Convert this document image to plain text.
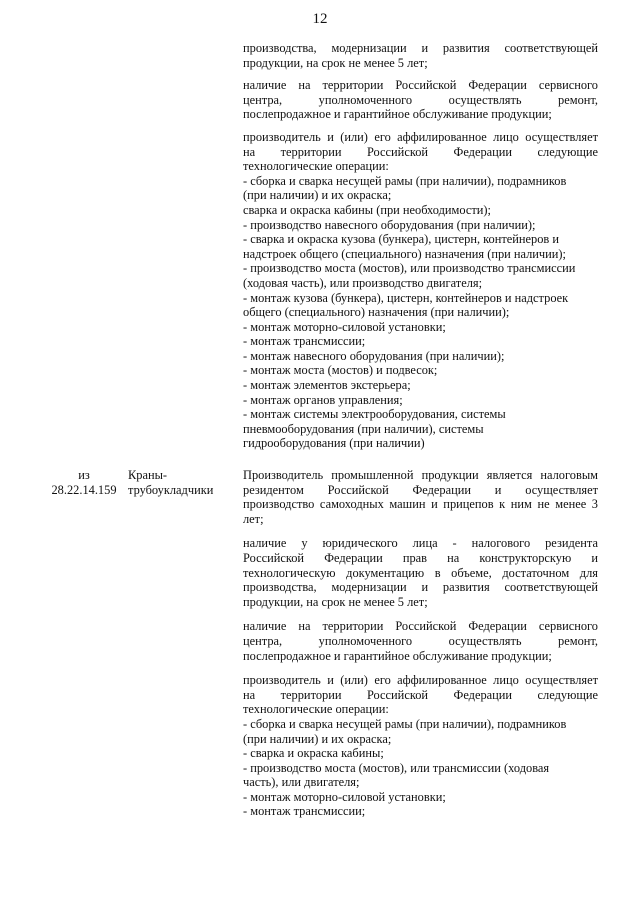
12
производства, модернизации и развития соответствующей
продукции, на срок не менее 5 лет;
наличие на территории Российской Федерации сервисного
центра, уполномоченного осуществлять ремонт,
послепродажное и гарантийное обслуживание продукции;
производитель и (или) его аффилированное лицо осуществляет
на территории Российской Федерации следующие
технологические операции:
- сборка и сварка несущей рамы (при наличии), подрамников
(при наличии) и их окраска;
сварка и окраска кабины (при необходимости);
- производство навесного оборудования (при наличии);
- сварка и окраска кузова (бункера), цистерн, контейнеров и
надстроек общего (специального) назначения (при наличии);
- производство моста (мостов), или производство трансмиссии
(ходовая часть), или производство двигателя;
- монтаж кузова (бункера), цистерн, контейнеров и надстроек
общего (специального) назначения (при наличии);
- монтаж моторно-силовой установки;
- монтаж трансмиссии;
- монтаж навесного оборудования (при наличии);
- монтаж моста (мостов) и подвесок;
- монтаж элементов экстерьера;
- монтаж органов управления;
- монтаж системы электрооборудования, системы
пневмооборудования (при наличии), системы
гидрооборудования (при наличии)
из
28.22.14.159
Краны-
трубоукладчики
Производитель промышленной продукции является налоговым
резидентом Российской Федерации и осуществляет
производство самоходных машин и прицепов к ним не менее 3
лет;
наличие у юридического лица - налогового резидента
Российской Федерации прав на конструкторскую и
технологическую документацию в объеме, достаточном для
производства, модернизации и развития соответствующей
продукции, на срок не менее 5 лет;
наличие на территории Российской Федерации сервисного
центра, уполномоченного осуществлять ремонт,
послепродажное и гарантийное обслуживание продукции;
производитель и (или) его аффилированное лицо осуществляет
на территории Российской Федерации следующие
технологические операции:
- сборка и сварка несущей рамы (при наличии), подрамников
(при наличии) и их окраска;
- сварка и окраска кабины;
- производство моста (мостов), или трансмиссии (ходовая
часть), или двигателя;
- монтаж моторно-силовой установки;
- монтаж трансмиссии;
